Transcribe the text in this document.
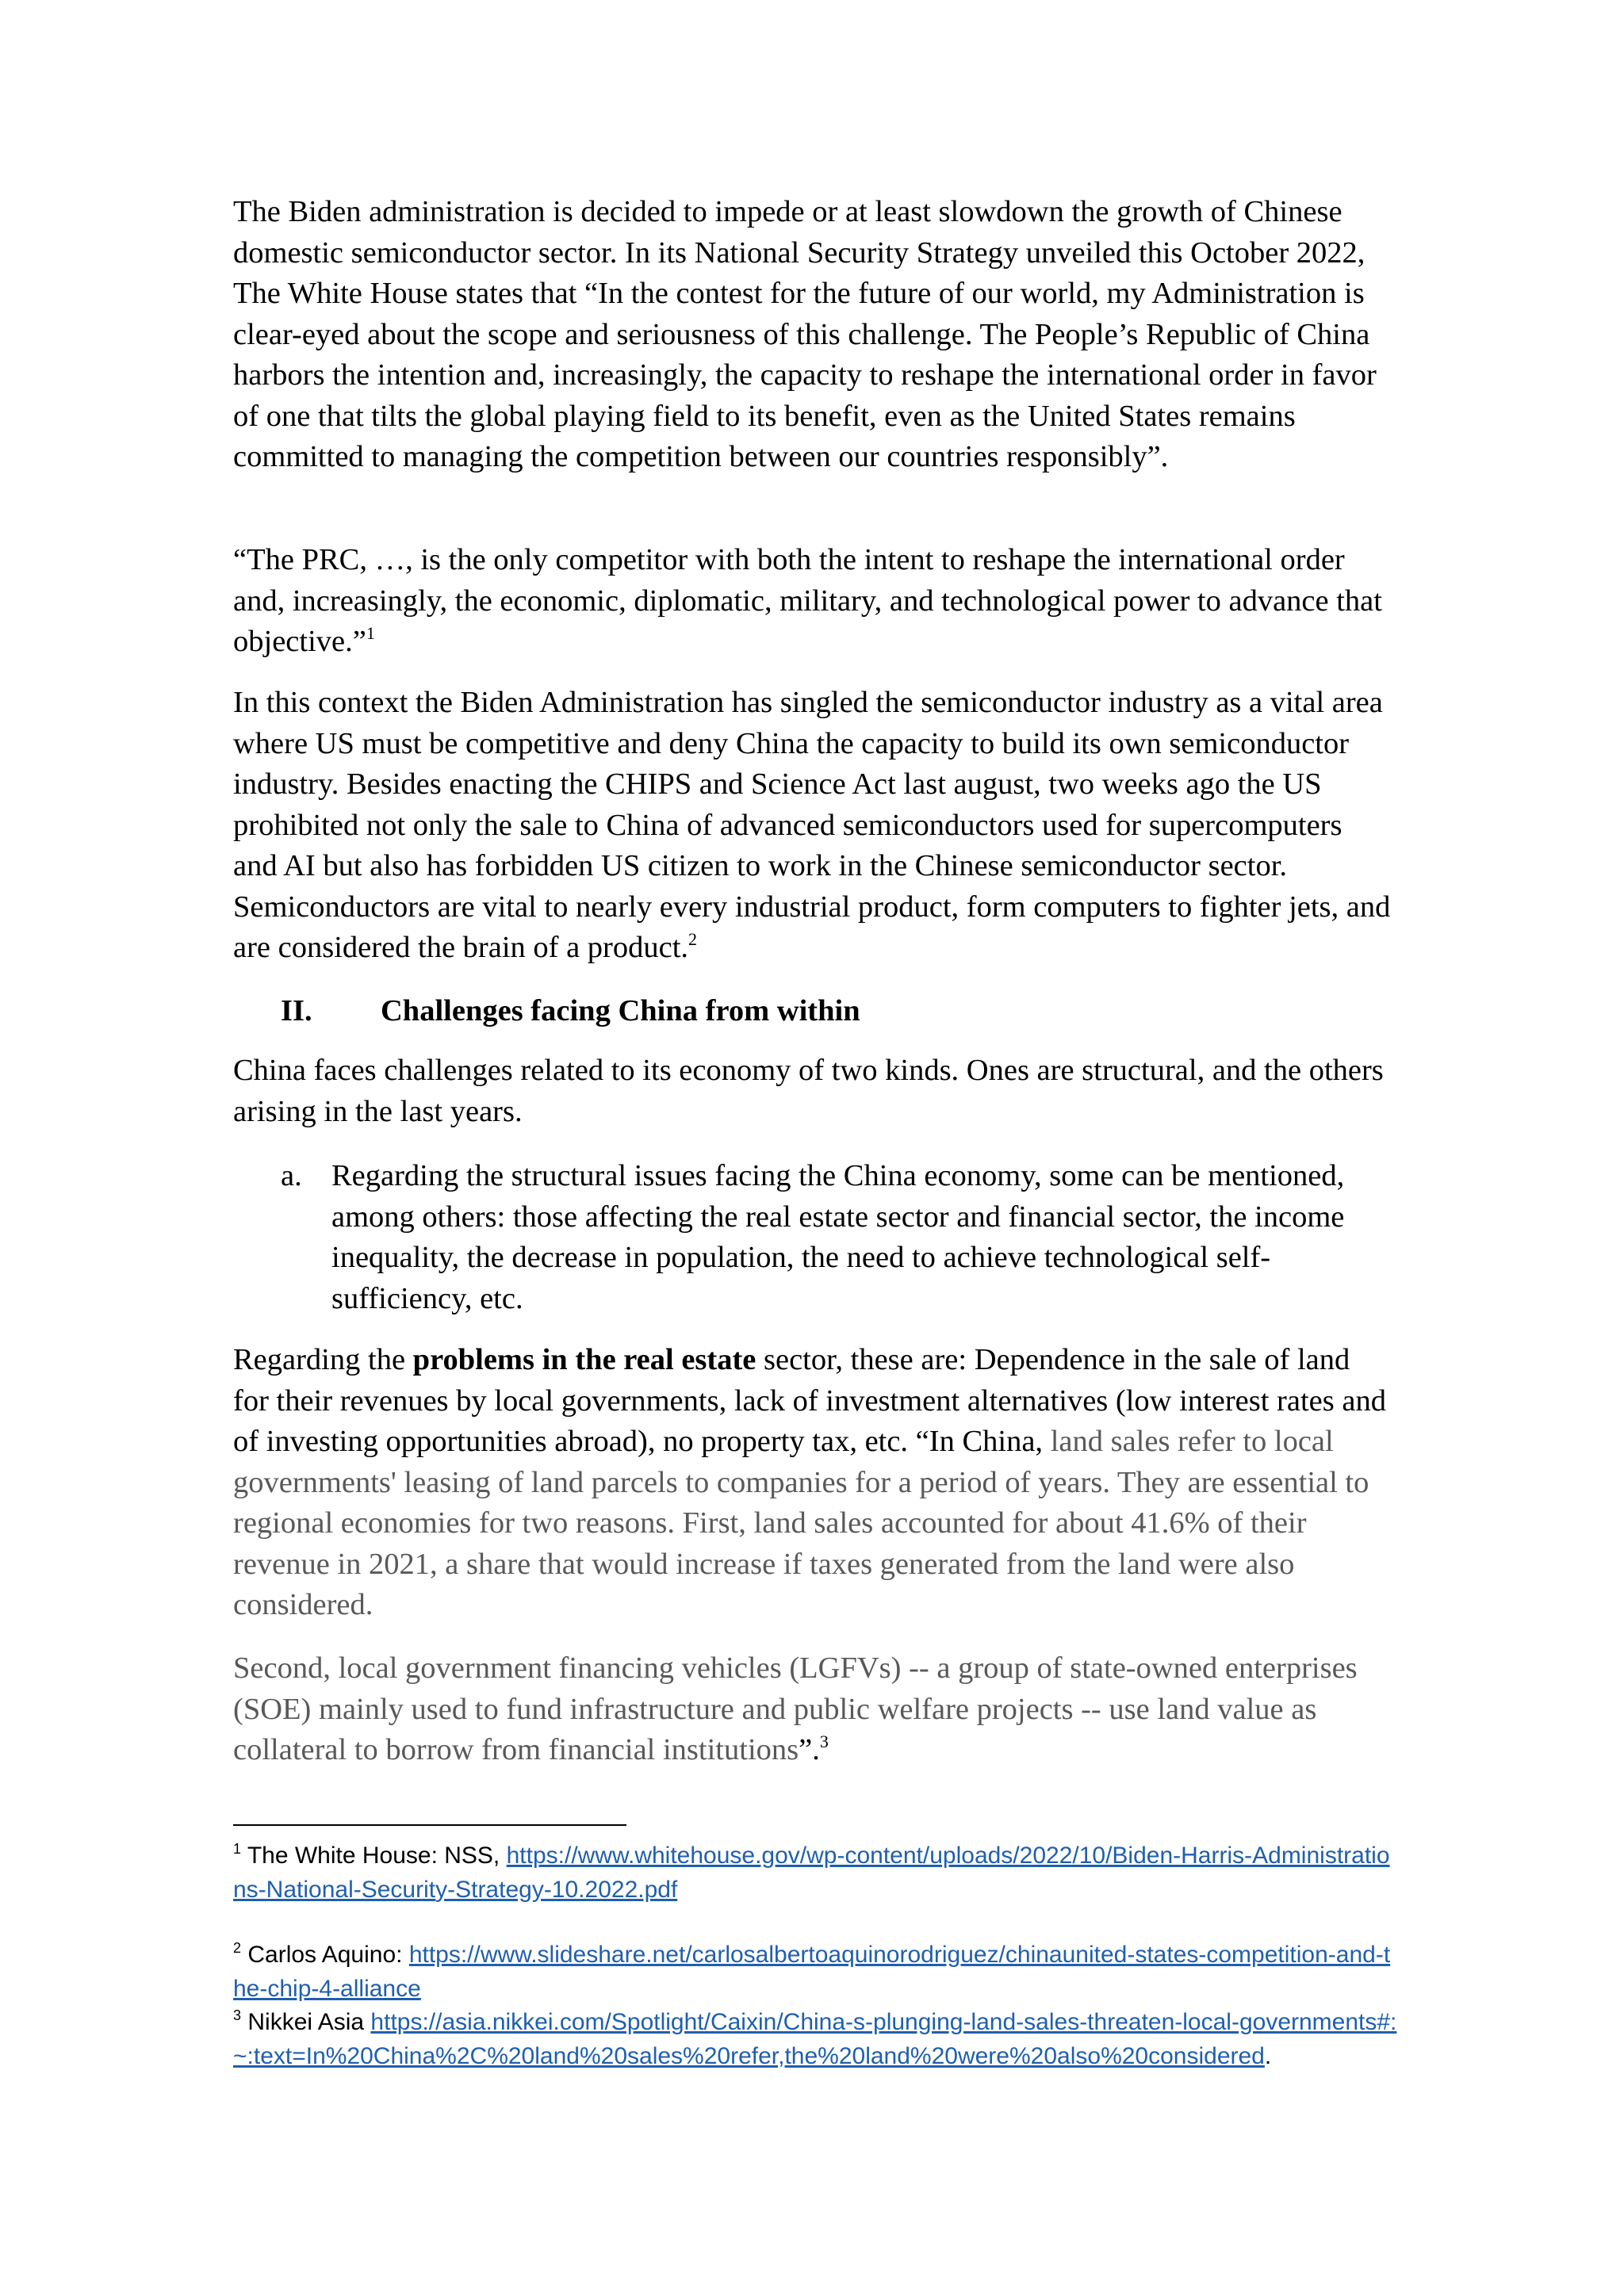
The Biden administration is decided to impede or at least slowdown the growth of Chinese domestic semiconductor sector. In its National Security Strategy unveiled this October 2022, The White House states that “In the contest for the future of our world, my Administration is clear-eyed about the scope and seriousness of this challenge. The People’s Republic of China harbors the intention and, increasingly, the capacity to reshape the international order in favor of one that tilts the global playing field to its benefit, even as the United States remains committed to managing the competition between our countries responsibly”.

“The PRC, …, is the only competitor with both the intent to reshape the international order and, increasingly, the economic, diplomatic, military, and technological power to advance that objective.”$^1$

In this context the Biden Administration has singled the semiconductor industry as a vital area where US must be competitive and deny China the capacity to build its own semiconductor industry. Besides enacting the CHIPS and Science Act last august, two weeks ago the US prohibited not only the sale to China of advanced semiconductors used for supercomputers and AI but also has forbidden US citizen to work in the Chinese semiconductor sector. Semiconductors are vital to nearly every industrial product, form computers to fighter jets, and are considered the brain of a product.$^2$

II. Challenges facing China from within

China faces challenges related to its economy of two kinds. Ones are structural, and the others arising in the last years.

a. Regarding the structural issues facing the China economy, some can be mentioned, among others: those affecting the real estate sector and financial sector, the income inequality, the decrease in population, the need to achieve technological self-sufficiency, etc.

Regarding the problems in the real estate sector, these are: Dependence in the sale of land for their revenues by local governments, lack of investment alternatives (low interest rates and of investing opportunities abroad), no property tax, etc. “In China, land sales refer to local governments' leasing of land parcels to companies for a period of years. They are essential to regional economies for two reasons. First, land sales accounted for about 41.6% of their revenue in 2021, a share that would increase if taxes generated from the land were also considered.

Second, local government financing vehicles (LGFVs) -- a group of state-owned enterprises (SOE) mainly used to fund infrastructure and public welfare projects -- use land value as collateral to borrow from financial institutions”.$^3$

$^1$ The White House: NSS, https://www.whitehouse.gov/wp-content/uploads/2022/10/Biden-Harris-Administrations-National-Security-Strategy-10.2022.pdf
$^2$ Carlos Aquino: https://www.slideshare.net/carlosalbertoaquinorodriguez/chinaunited-states-competition-and-the-chip-4-alliance
$^3$ Nikkei Asia https://asia.nikkei.com/Spotlight/Caixin/China-s-plunging-land-sales-threaten-local-governments#:~:text=In%20China%2C%20land%20sales%20refer,the%20land%20were%20also%20considered.
